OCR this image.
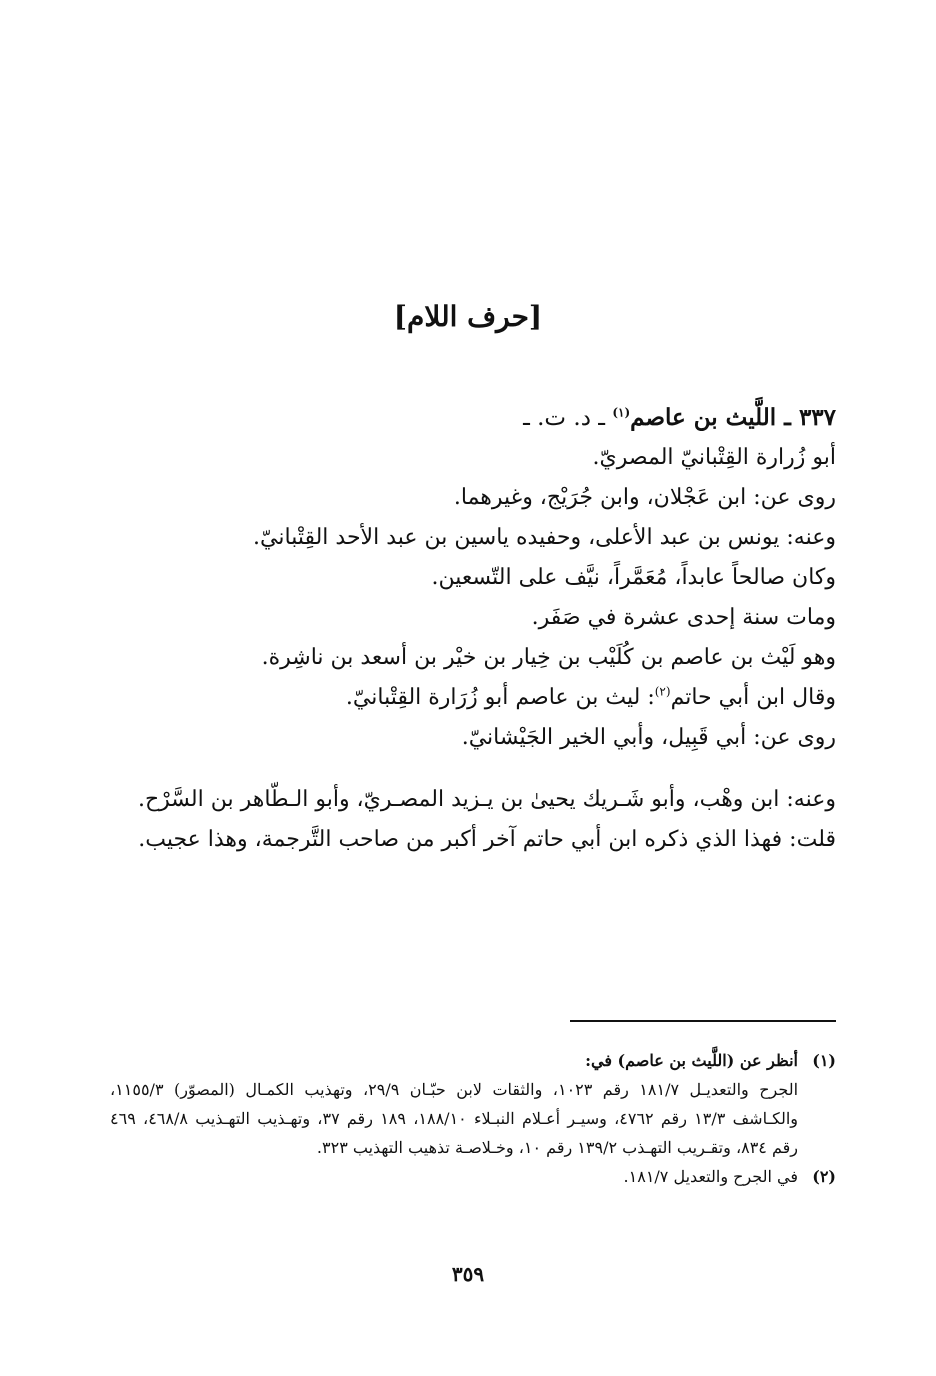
[حرف اللام]
٣٣٧ ـ اللَّيث بن عاصم$^{(١)}$ ـ د. ت. ـ
أبو زُرارة القِتْبانيّ المصريّ.
روى عن: ابن عَجْلان، وابن جُرَيْج، وغيرهما.
وعنه: يونس بن عبد الأعلى، وحفيده ياسين بن عبد الأحد القِتْبانيّ.
وكان صالحاً عابداً، مُعَمَّراً، نيَّف على التّسعين.
ومات سنة إحدى عشرة في صَفَر.
وهو لَيْث بن عاصم بن كُلَيْب بن خِيار بن خيْر بن أسعد بن ناشِرة.
وقال ابن أبي حاتم$^{(٢)}$: ليث بن عاصم أبو زُرَارة القِتْبانيّ.
روى عن: أبي قَبِيل، وأبي الخير الجَيْشانيّ.
وعنه: ابن وهْب، وأبو شَـريك يحيىٰ بن يـزيد المصـريّ، وأبو الـطّاهر بن السَّرْح.
قلت: فهذا الذي ذكره ابن أبي حاتم آخر أكبر من صاحب التَّرجمة، وهذا عجيب.
(١)
أنظر عن (اللَّيث بن عاصم) في:
الجرح والتعديـل ١٨١/٧ رقم ١٠٢٣، والثقات لابن حبّـان ٢٩/٩، وتهذيب الكمـال (المصوّر) ١١٥٥/٣، والكـاشف ١٣/٣ رقم ٤٧٦٢، وسيـر أعـلام النبـلاء ١٨٨/١٠، ١٨٩ رقم ٣٧، وتهـذيب التهـذيب ٤٦٨/٨، ٤٦٩ رقم ٨٣٤، وتقـريب التهـذب ١٣٩/٢ رقم ١٠، وخـلاصـة تذهيب التهذيب ٣٢٣.
(٢)
في الجرح والتعديل ١٨١/٧.
٣٥٩
